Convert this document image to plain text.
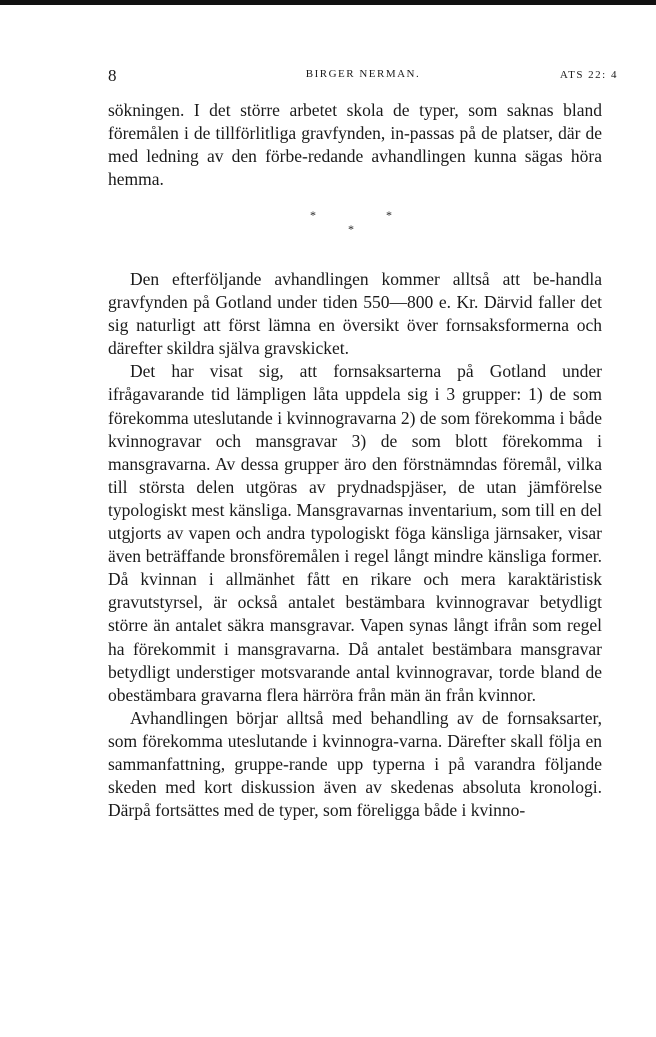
8	BIRGER NERMAN.	ATS 22: 4

sökningen. I det större arbetet skola de typer, som saknas bland föremålen i de tillförlitliga gravfynden, in-passas på de platser, där de med ledning av den förbe-redande avhandlingen kunna sägas höra hemma.

*
*
*

Den efterföljande avhandlingen kommer alltså att be-handla gravfynden på Gotland under tiden 550—800 e. Kr. Därvid faller det sig naturligt att först lämna en översikt över fornsaksformerna och därefter skildra själva gravskicket.

Det har visat sig, att fornsaksarterna på Gotland under ifrågavarande tid lämpligen låta uppdela sig i 3 grupper: 1) de som förekomma uteslutande i kvinnogravarna 2) de som förekomma i både kvinnogravar och mansgravar 3) de som blott förekomma i mansgravarna. Av dessa grupper äro den förstnämndas föremål, vilka till största delen utgöras av prydnadspjäser, de utan jämförelse typologiskt mest känsliga. Mansgravarnas inventarium, som till en del utgjorts av vapen och andra typologiskt föga känsliga järnsaker, visar även beträffande bronsföremålen i regel långt mindre känsliga former. Då kvinnan i allmänhet fått en rikare och mera karaktäristisk gravutstyrsel, är också antalet bestämbara kvinnogravar betydligt större än antalet säkra mansgravar. Vapen synas långt ifrån som regel ha förekommit i mansgravarna. Då antalet bestämbara mansgravar betydligt understiger motsvarande antal kvinnogravar, torde bland de obestämbara gravarna flera härröra från män än från kvinnor.

Avhandlingen börjar alltså med behandling av de fornsaksarter, som förekomma uteslutande i kvinnogra-varna. Därefter skall följa en sammanfattning, gruppe-rande upp typerna i på varandra följande skeden med kort diskussion även av skedenas absoluta kronologi. Därpå fortsättes med de typer, som föreligga både i kvinno-
